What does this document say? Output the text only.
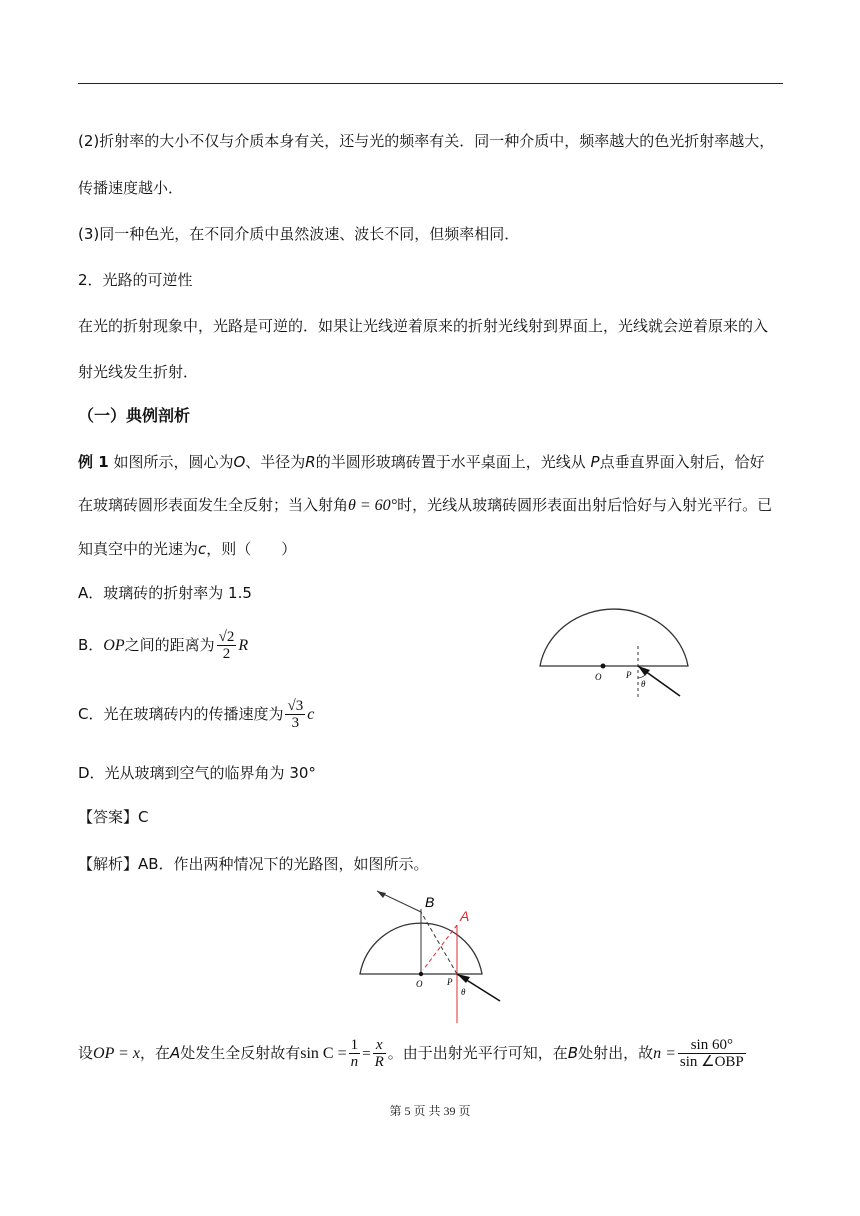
(2)折射率的大小不仅与介质本身有关，还与光的频率有关．同一种介质中，频率越大的色光折射率越大，
传播速度越小．
(3)同一种色光，在不同介质中虽然波速、波长不同，但频率相同．
2．光路的可逆性
在光的折射现象中，光路是可逆的．如果让光线逆着原来的折射光线射到界面上，光线就会逆着原来的入
射光线发生折射．
（一）典例剖析
例 1 如图所示，圆心为O、半径为R的半圆形玻璃砖置于水平桌面上，光线从 P点垂直界面入射后，恰好
在玻璃砖圆形表面发生全反射；当入射角θ = 60°时，光线从玻璃砖圆形表面出射后恰好与入射光平行。已
知真空中的光速为c，则（　　）
A．玻璃砖的折射率为 1.5
B．OP之间的距离为 $\frac{√2}{2}$ R
C．光在玻璃砖内的传播速度为 $\frac{√3}{3}$ c
D．光从玻璃到空气的临界角为 30°
【答案】C
【解析】AB．作出两种情况下的光路图，如图所示。
O	P
θ
B
A
O	P
θ
设OP = x，在A处发生全反射故有$\sin C = \frac{1}{n} = \frac{x}{R}$ 。由于出射光平行可知，在B处射出，故$n = \frac{\sin 60^\circ}{\text{sin ∠OBP}}$
第 5 页 共 39 页
